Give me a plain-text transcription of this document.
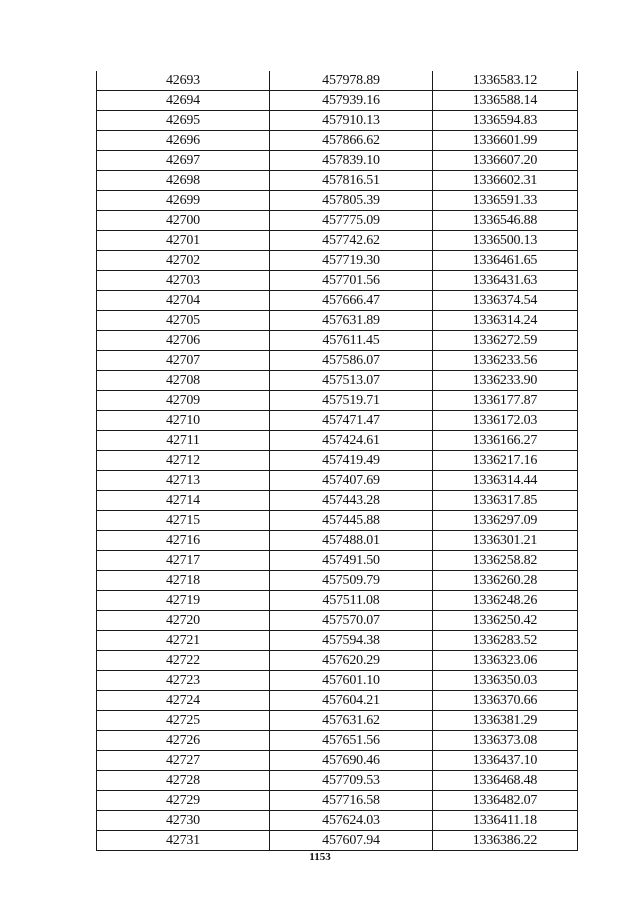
42693	457978.89	1336583.12
42694	457939.16	1336588.14
42695	457910.13	1336594.83
42696	457866.62	1336601.99
42697	457839.10	1336607.20
42698	457816.51	1336602.31
42699	457805.39	1336591.33
42700	457775.09	1336546.88
42701	457742.62	1336500.13
42702	457719.30	1336461.65
42703	457701.56	1336431.63
42704	457666.47	1336374.54
42705	457631.89	1336314.24
42706	457611.45	1336272.59
42707	457586.07	1336233.56
42708	457513.07	1336233.90
42709	457519.71	1336177.87
42710	457471.47	1336172.03
42711	457424.61	1336166.27
42712	457419.49	1336217.16
42713	457407.69	1336314.44
42714	457443.28	1336317.85
42715	457445.88	1336297.09
42716	457488.01	1336301.21
42717	457491.50	1336258.82
42718	457509.79	1336260.28
42719	457511.08	1336248.26
42720	457570.07	1336250.42
42721	457594.38	1336283.52
42722	457620.29	1336323.06
42723	457601.10	1336350.03
42724	457604.21	1336370.66
42725	457631.62	1336381.29
42726	457651.56	1336373.08
42727	457690.46	1336437.10
42728	457709.53	1336468.48
42729	457716.58	1336482.07
42730	457624.03	1336411.18
42731	457607.94	1336386.22
1153
